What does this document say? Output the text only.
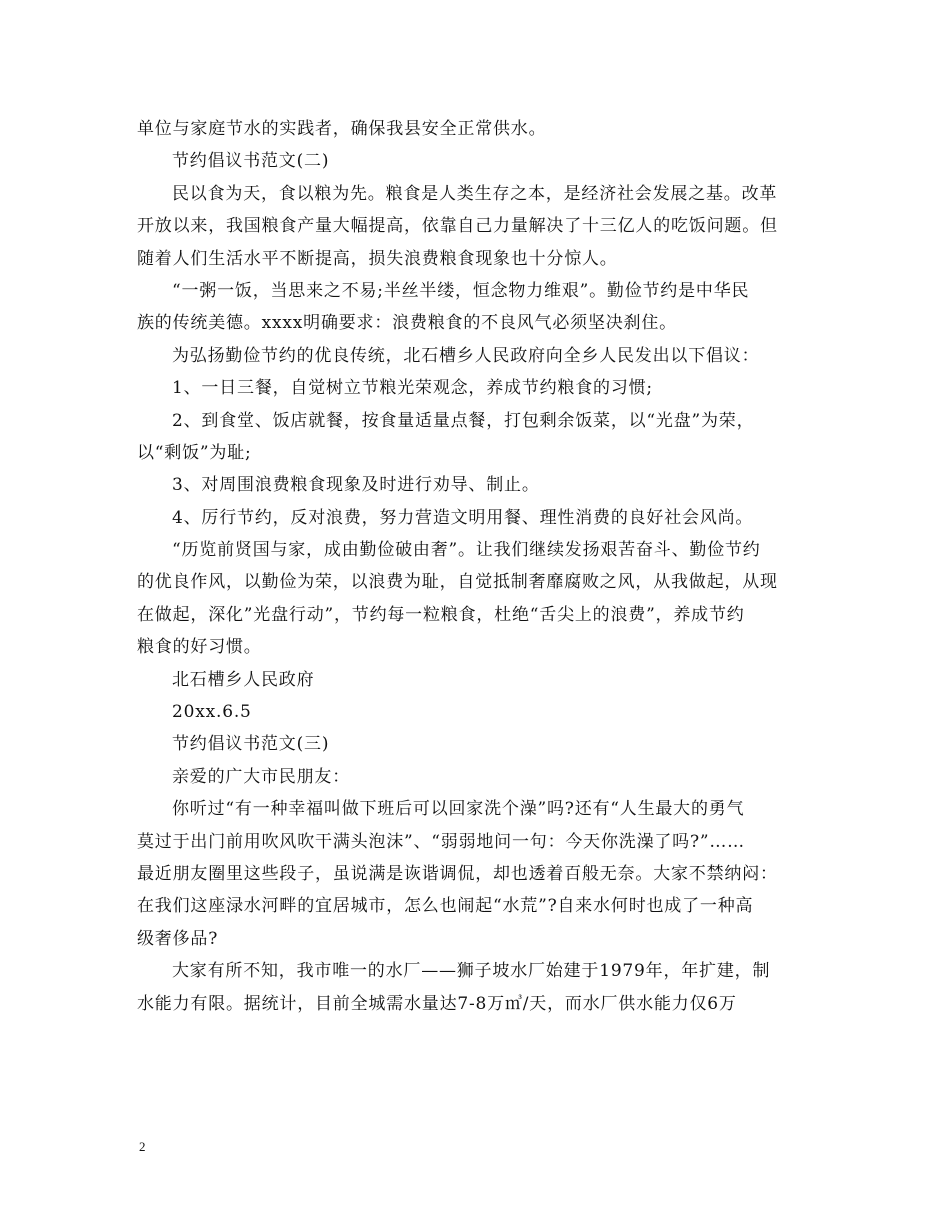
单位与家庭节水的实践者，确保我县安全正常供水。
节约倡议书范文(二)
民以食为天，食以粮为先。粮食是人类生存之本，是经济社会发展之基。改革
开放以来，我国粮食产量大幅提高，依靠自己力量解决了十三亿人的吃饭问题。但
随着人们生活水平不断提高，损失浪费粮食现象也十分惊人。
“一粥一饭，当思来之不易;半丝半缕，恒念物力维艰”。勤俭节约是中华民
族的传统美德。xxxx明确要求：浪费粮食的不良风气必须坚决刹住。
为弘扬勤俭节约的优良传统，北石槽乡人民政府向全乡人民发出以下倡议：
1、一日三餐，自觉树立节粮光荣观念，养成节约粮食的习惯;
2、到食堂、饭店就餐，按食量适量点餐，打包剩余饭菜，以“光盘”为荣，
以“剩饭”为耻;
3、对周围浪费粮食现象及时进行劝导、制止。
4、厉行节约，反对浪费，努力营造文明用餐、理性消费的良好社会风尚。
“历览前贤国与家，成由勤俭破由奢”。让我们继续发扬艰苦奋斗、勤俭节约
的优良作风，以勤俭为荣，以浪费为耻，自觉抵制奢靡腐败之风，从我做起，从现
在做起，深化”光盘行动”，节约每一粒粮食，杜绝“舌尖上的浪费”，养成节约
粮食的好习惯。
北石槽乡人民政府
20xx.6.5
节约倡议书范文(三)
亲爱的广大市民朋友：
你听过“有一种幸福叫做下班后可以回家洗个澡”吗?还有“人生最大的勇气
莫过于出门前用吹风吹干满头泡沫”、“弱弱地问一句：今天你洗澡了吗?”……
最近朋友圈里这些段子，虽说满是诙谐调侃，却也透着百般无奈。大家不禁纳闷：
在我们这座渌水河畔的宜居城市，怎么也闹起“水荒”?自来水何时也成了一种高
级奢侈品?
大家有所不知，我市唯一的水厂——狮子坡水厂始建于1979年，年扩建，制
水能力有限。据统计，目前全城需水量达7-8万㎥/天，而水厂供水能力仅6万
2
